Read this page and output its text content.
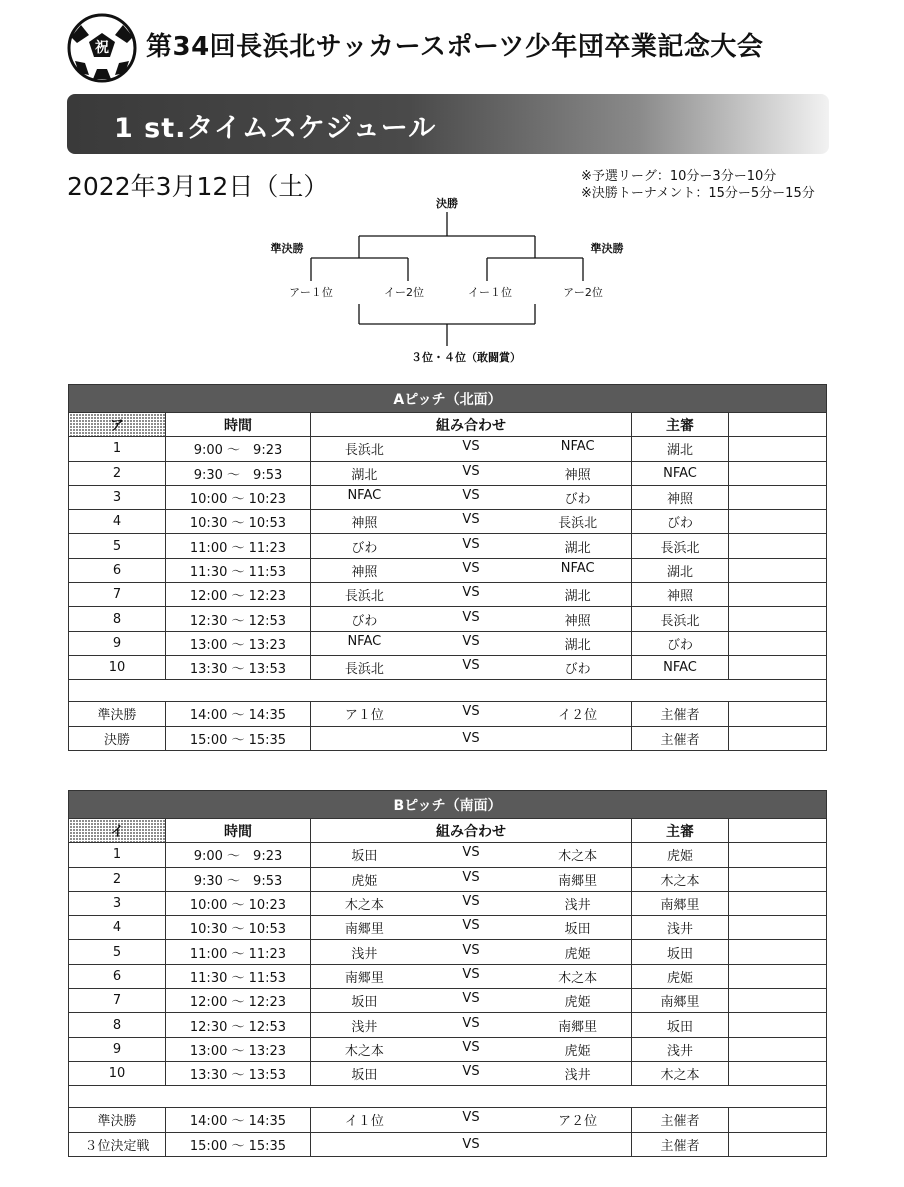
祝 第34回長浜北サッカースポーツ少年団卒業記念大会
1 st.タイムスケジュール
2022年3月12日（土）	※予選リーグ：10分ー3分ー10分
※決勝トーナメント：15分ー5分ー15分
決勝
準決勝	準決勝
アー１位	イー2位	イー１位	アー2位
３位・４位（敢闘賞）
Aピッチ（北面）				
ア	時間	組み合わせ	主審	
1	9:00 ～　9:23	長浜北 VS NFAC	湖北	
2	9:30 ～　9:53	湖北 VS 神照	NFAC	
3	10:00 ～ 10:23	NFAC VS びわ	神照	
4	10:30 ～ 10:53	神照 VS 長浜北	びわ	
5	11:00 ～ 11:23	びわ VS 湖北	長浜北	
6	11:30 ～ 11:53	神照 VS NFAC	湖北	
7	12:00 ～ 12:23	長浜北 VS 湖北	神照	
8	12:30 ～ 12:53	びわ VS 神照	長浜北	
9	13:00 ～ 13:23	NFAC VS 湖北	びわ	
10	13:30 ～ 13:53	長浜北 VS びわ	NFAC	

準決勝	14:00 ～ 14:35	ア１位 VS イ２位	主催者	
決勝	15:00 ～ 15:35	VS	主催者	
Bピッチ（南面）				
イ	時間	組み合わせ	主審	
1	9:00 ～　9:23	坂田 VS 木之本	虎姫	
2	9:30 ～　9:53	虎姫 VS 南郷里	木之本	
3	10:00 ～ 10:23	木之本 VS 浅井	南郷里	
4	10:30 ～ 10:53	南郷里 VS 坂田	浅井	
5	11:00 ～ 11:23	浅井 VS 虎姫	坂田	
6	11:30 ～ 11:53	南郷里 VS 木之本	虎姫	
7	12:00 ～ 12:23	坂田 VS 虎姫	南郷里	
8	12:30 ～ 12:53	浅井 VS 南郷里	坂田	
9	13:00 ～ 13:23	木之本 VS 虎姫	浅井	
10	13:30 ～ 13:53	坂田 VS 浅井	木之本	

準決勝	14:00 ～ 14:35	イ１位 VS ア２位	主催者	
３位決定戦	15:00 ～ 15:35	VS	主催者	
